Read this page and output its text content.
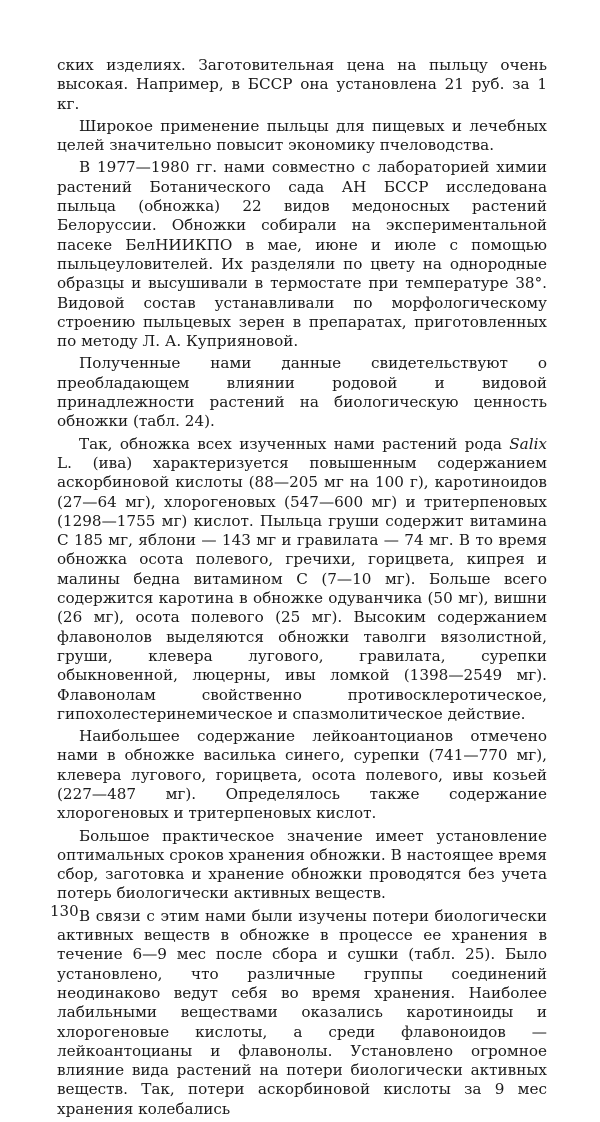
ских изделиях. Заготовительная цена на пыльцу очень высокая. Например, в БССР она установлена 21 руб. за 1 кг.

Широкое применение пыльцы для пищевых и лечебных целей значительно повысит экономику пчеловодства.

В 1977—1980 гг. нами совместно с лабораторией химии растений Ботанического сада АН БССР исследована пыльца (обножка) 22 видов медоносных растений Белоруссии. Обножки собирали на экспериментальной пасеке БелНИИКПО в мае, июне и июле с помощью пыльцеуловителей. Их разделяли по цвету на однородные образцы и высушивали в термостате при температуре 38°. Видовой состав устанавливали по морфологическому строению пыльцевых зерен в препаратах, приготовленных по методу Л. А. Куприяновой.

Полученные нами данные свидетельствуют о преобладающем влиянии родовой и видовой принадлежности растений на биологическую ценность обножки (табл. 24).

Так, обножка всех изученных нами растений рода Salix L. (ива) характеризуется повышенным содержанием аскорбиновой кислоты (88—205 мг на 100 г), каротиноидов (27—64 мг), хлорогеновых (547—600 мг) и тритерпеновых (1298—1755 мг) кислот. Пыльца груши содержит витамина С 185 мг, яблони — 143 мг и гравилата — 74 мг. В то время обножка осота полевого, гречихи, горицвета, кипрея и малины бедна витамином С (7—10 мг). Больше всего содержится каротина в обножке одуванчика (50 мг), вишни (26 мг), осота полевого (25 мг). Высоким содержанием флавонолов выделяются обножки таволги вязолистной, груши, клевера лугового, гравилата, сурепки обыкновенной, люцерны, ивы ломкой (1398—2549 мг). Флавонолам свойственно противосклеротическое, гипохолестеринемическое и спазмолитическое действие.

Наибольшее содержание лейкоантоцианов отмечено нами в обножке василька синего, сурепки (741—770 мг), клевера лугового, горицвета, осота полевого, ивы козьей (227—487 мг). Определялось также содержание хлорогеновых и тритерпеновых кислот.

Большое практическое значение имеет установление оптимальных сроков хранения обножки. В настоящее время сбор, заготовка и хранение обножки проводятся без учета потерь биологически активных веществ.

В связи с этим нами были изучены потери биологически активных веществ в обножке в процессе ее хранения в течение 6—9 мес после сбора и сушки (табл. 25). Было установлено, что различные группы соединений неодинаково ведут себя во время хранения. Наиболее лабильными веществами оказались каротиноиды и хлорогеновые кислоты, а среди флавоноидов — лейкоантоцианы и флавонолы. Установлено огромное влияние вида растений на потери биологически активных веществ. Так, потери аскорбиновой кислоты за 9 мес хранения колебались

130
